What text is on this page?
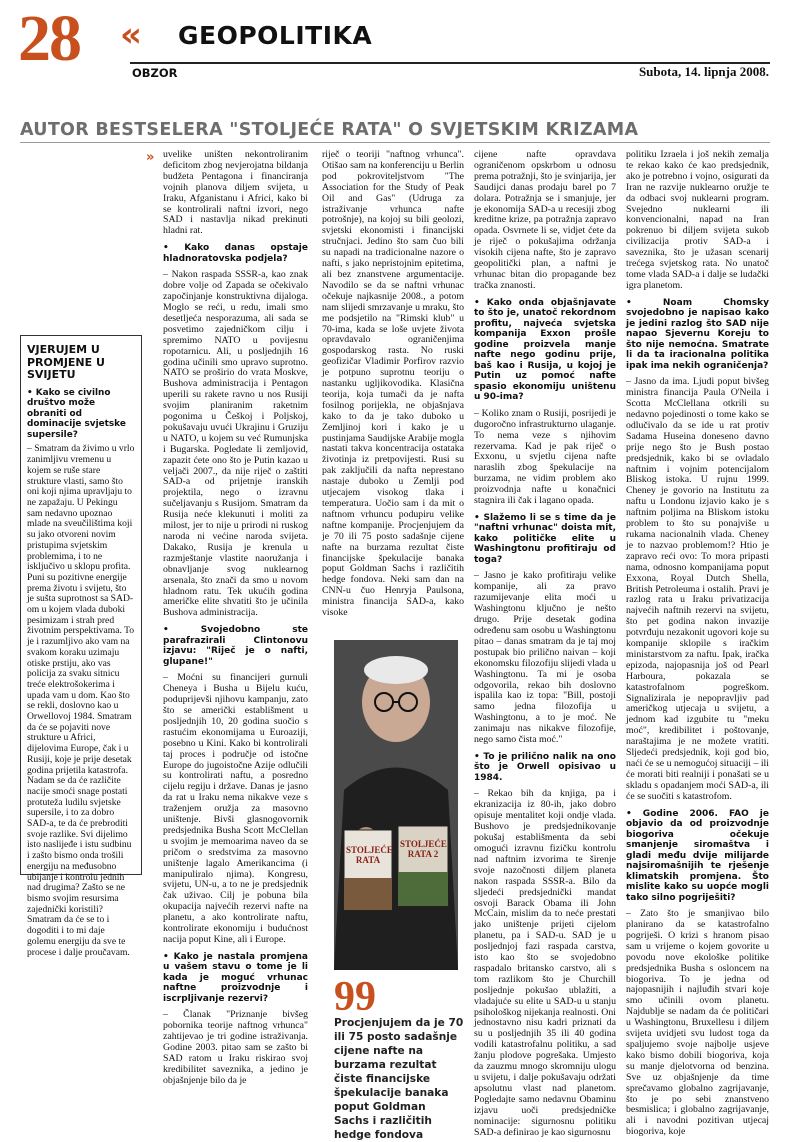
28 « GEOPOLITIKA
OBZOR	Subota, 14. lipnja 2008.
AUTOR BESTSELERA "STOLJEĆE RATA" O SVJETSKIM KRIZAMA
VJERUJEM U PROMJENE U SVIJETU

• Kako se civilno društvo može obraniti od dominacije svjetske supersile?

– Smatram da živimo u vrlo zanimljivu vremenu u kojem se ruše stare strukture vlasti, samo što oni koji njima upravljaju to ne zapažaju. U Pekingu sam nedavno upoznao mlade na sveučilištima koji su jako otvoreni novim pristupima svjetskim problemima, i to ne isključivo u sklopu profita. Puni su pozitivne energije prema životu i svijetu, što je sušta suprotnost sa SAD-om u kojem vlada duboki pesimizam i strah pred životnim perspektivama. To je i razumljivo ako vam na svakom koraku uzimaju otiske prstiju, ako vas policija za svaku sitnicu treće elektrošokerima i upada vam u dom. Kao što se rekli, doslovno kao u Orwellovoj 1984. Smatram da će se pojaviti nove strukture u Africi, dijelovima Europe, čak i u Rusiji, koje je prije desetak godina prijetila katastrofa. Nadam se da će različite nacije smoći snage postati protuteža ludilu svjetske supersile, i to za dobro SAD-a, te da će prebroditi svoje razlike. Svi dijelimo isto naslijeđe i istu sudbinu i zašto bismo onda trošili energiju na međusobno ubijanje i kontrolu jednih nad drugima? Zašto se ne bismo svojim resursima zajednički koristili? Smatram da će se to i dogoditi i to mi daje golemu energiju da sve te procese i dalje proučavam.

» uvelike uništen nekontroliranim deficitom zbog nevjerojatna bildanja budžeta Pentagona i financiranja vojnih planova diljem svijeta, u Iraku, Afganistanu i Africi, kako bi se kontrolirali naftni izvori, nego SAD i nastavlja nikad prekinuti hladni rat.

• Kako danas opstaje hladnoratovska podjela?

– Nakon raspada SSSR-a, kao znak dobre volje od Zapada se očekivalo započinjanje konstruktivna dijaloga. Moglo se reći, u redu, imali smo desetljeća nesporazuma, ali sada se posvetimo zajedničkom cilju i spremimo NATO u povijesnu ropotarnicu. Ali, u posljednjih 16 godina učinili smo upravo suprotno. NATO se proširio do vrata Moskve, Bushova administracija i Pentagon uperili su rakete ravno u nos Rusiji svojim planiranim raketnim pogonima u Češkoj i Poljskoj, pokušavaju uvući Ukrajinu i Gruziju u NATO, u kojem su već Rumunjska i Bugarska. Pogledate li zemljovid, zapazit ćete ono što je Putin kazao u veljači 2007., da nije riječ o zaštiti SAD-a od prijetnje iranskih projektila, nego o izravnu sučeljavanju s Rusijom. Smatram da Rusija neće klekunuti i moliti za milost, jer to nije u prirodi ni ruskog naroda ni većine naroda svijeta. Dakako, Rusija je krenula u razmještanje vlastite naoružanja i obnavljanje svog nuklearnog arsenala, što znači da smo u novom hladnom ratu. Tek ukućih godina američke elite shvatiti što je učinila Bushova administracija.

• Svojedobno ste parafrazirali Clintonovu izjavu: "Riječ je o nafti, glupane!"

– Moćni su financijeri gurnuli Cheneya i Busha u Bijelu kuću, poduprijevši njihovu kampanju, zato što se američki establišment u posljednjih 10, 20 godina suočio s rastućim ekonomijama u Euroaziji, posebno u Kini. Kako bi kontrolirali taj proces i područje od istočne Europe do jugoistočne Azije odlučili su kontrolirati naftu, a posredno cijelu regiju i države. Danas je jasno da rat u Iraku nema nikakve veze s traženjem oružja za masovno uništenje. Bivši glasnogovornik predsjednika Busha Scott McClellan u svojim je memoarima naveo da se pričom o sredstvima za masovno uništenje lagalo Amerikancima (i manipuliralo njima). Kongresu, svijetu, UN-u, a to ne je predsjednik čak uživao. Cilj je pobuna bila okupacija najvećih rezervi nafte na planetu, a ako kontrolirate naftu, kontrolirate ekonomiju i budućnost nacija poput Kine, ali i Europe.

• Kako je nastala promjena u vašem stavu o tome je li kada je moguć vrhunac naftne proizvodnje i iscrpljivanje rezervi?

– Članak "Priznanje bivšeg pobornika teorije naftnog vrhunca" zahtijevao je tri godine istraživanja. Godine 2003. pitao sam se zašto bi SAD ratom u Iraku riskirao svoj kredibilitet saveznika, a jedino je objašnjenje bilo da je

riječ o teoriji "naftnog vrhunca". Otišao sam na konferenciju u Berlin pod pokroviteljstvom "The Association for the Study of Peak Oil and Gas" (Udruga za istraživanje vrhunca nafte potrošnje), na kojoj su bili geolozi, svjetski ekonomisti i financijski stručnjaci. Jedino što sam čuo bili su napadi na tradicionalne nazore o nafti, s jako nepristojnim epitetima, ali bez znanstvene argumentacije. Navodilo se da se naftni vrhunac očekuje najkasnije 2008., a potom nam slijedi smrzavanje u mraku, što me podsjetilo na "Rimski klub" u 70-ima, kada se loše uvjete života opravdavalo ograničenjima gospodarskog rasta. No ruski geofizičar Vladimir Porfirov razvio je potpuno suprotnu teoriju o nastanku ugljikovodika. Klasična teorija, koja tumači da je nafta fosilnog porijekla, ne objašnjava kako to da je tako duboko u Zemljinoj kori i kako je u pustinjama Saudijske Arabije mogla nastati takva koncentracija ostataka životinja iz pretpovijesti. Rusi su pak zaključili da nafta neprestano nastaje duboko u Zemlji pod utjecajem visokog tlaka i temperatura. Uočio sam i da mit o naftnom vrhuncu podupiru velike naftne kompanije. Procjenjujem da je 70 ili 75 posto sadašnje cijene nafte na burzama rezultat čiste financijske špekulacije banaka poput Goldman Sachs i različitih hedge fondova. Neki sam dan na CNN-u čuo Henryja Paulsona, ministra financija SAD-a, kako visoke

STOLJEĆE RATA
STOLJEĆE RATA 2
99
Procjenjujem da je 70 ili 75 posto sadašnje cijene nafte na burzama rezultat čiste financijske špekulacije banaka poput Goldman Sachs i različitih hedge fondova

cijene nafte opravdava ograničenom opskrbom u odnosu prema potražnji, što je svinjarija, jer Saudijci danas prodaju barel po 7 dolara. Potražnja se i smanjuje, jer je ekonomija SAD-a u recesiji zbog kreditne krize, pa potražnja zapravo opada. Osvrnete li se, vidjet ćete da je riječ o pokušajima održanja visokih cijena nafte, što je zapravo geopolitički plan, a naftni je vrhunac bitan dio propagande bez tračka znanosti.

• Kako onda objašnjavate to što je, unatoč rekordnom profitu, najveća svjetska kompanija Exxon prošle godine proizvela manje nafte nego godinu prije, baš kao i Rusija, u kojoj je Putin uz pomoć nafte spasio ekonomiju uništenu u 90-ima?

– Koliko znam o Rusiji, posrijedi je dugoročno infrastrukturno ulaganje. To nema veze s njihovim rezervama. Kad je pak riječ o Exxonu, u svjetlu cijena nafte naraslih zbog špekulacije na burzama, ne vidim problem ako proizvodnja nafte u konačnici stagnira ili čak i lagano opada.

• Slažemo li se s time da je "naftni vrhunac" doista mit, kako političke elite u Washingtonu profitiraju od toga?

– Jasno je kako profitiraju velike kompanije, ali za pravo razumijevanje elita moći u Washingtonu ključno je nešto drugo. Prije desetak godina određenu sam osobu u Washingtonu pitao – danas smatram da je taj moj postupak bio prilično naivan – koji ekonomsku filozofiju slijedi vlada u Washingtonu. Ta mi je osoba odgovorila, rekao bih doslovno ispalila kao iz topa: "Bill, postoji samo jedna filozofija u Washingtonu, a to je moć. Ne zanimaju nas nikakve filozofije, nego samo čista moć."

• To je prilično nalik na ono što je Orwell opisivao u 1984.

– Rekao bih da knjiga, pa i ekranizacija iz 80-ih, jako dobro opisuje mentalitet koji ondje vlada. Bushovo je predsjednikovanje pokušaj establišmenta da sebi omogući izravnu fizičku kontrolu nad naftnim izvorima te širenje svoje nazočnosti diljem planeta nakon raspada SSSR-a. Bilo da sljedeći predsjednički mandat osvoji Barack Obama ili John McCain, mislim da to neće prestati jako uništenje prijeti cijelom planetu, pa i SAD-u. SAD je u posljednjoj fazi raspada carstva, isto kao što se svojedobno raspadalo britansko carstvo, ali s tom razlikom što je Churchill posljednje pokušao ublažiti, a vladajuće su elite u SAD-u u stanju psihološkog nijekanja realnosti. Oni jednostavno nisu kadri priznati da su u posljednjih 35 ili 40 godina vodili katastrofalnu politiku, a sad žanju plodove pogrešaka. Umjesto da zauzmu mnogo skromniju ulogu u svijetu, i dalje pokušavaju održati apsolutnu vlast nad planetom. Pogledajte samo nedavnu Obaminu izjavu uoči predsjedničke nominacije: sigurnosnu politiku SAD-a definirao je kao sigurnosnu

politiku Izraela i još nekih zemalja te rekao kako će kao predsjednik, ako je potrebno i vojno, osigurati da Iran ne razvije nuklearno oružje te da odbaci svoj nuklearni program. Svejedno nuklearni ili konvencionalni, napad na Iran pokrenuo bi diljem svijeta sukob civilizacija protiv SAD-a i saveznika, što je užasan scenarij trećega svjetskog rata. No unatoč tome vlada SAD-a i dalje se ludački igra planetom.

• Noam Chomsky svojedobno je napisao kako je jedini razlog što SAD nije napao Sjevernu Koreju to što nije nemoćna. Smatrate li da ta iracionalna politika ipak ima nekih ograničenja?

– Jasno da ima. Ljudi poput bivšeg ministra financija Paula O'Neila i Scotta McClellana otkrili su nedavno pojedinosti o tome kako se odlučivalo da se ide u rat protiv Sadama Huseina doneseno davno prije nego što je Bush postao predsjednik, kako bi se ovladalo naftnim i vojnim potencijalom Bliskog istoka. U rujnu 1999. Cheney je govorio na Institutu za naftu u Londonu izjavio kako je s naftnim poljima na Bliskom istoku problem to što su ponajviše u rukama nacionalnih vlada. Cheney je to nazvao problemom!? Htio je zapravo reći ovo: To mora pripasti nama, odnosno kompanijama poput Exxona, Royal Dutch Shella, British Petroleuma i ostalih. Pravi je razlog rata u Iraku privatizacija najvećih naftnih rezervi na svijetu, što pet godina nakon invazije potvrđuju nezakonit ugovori koje su kompanije sklopile s iračkim ministarstvom za naftu. Ipak, iračka epizoda, najopasnija još od Pearl Harboura, pokazala se katastrofalnom pogreškom. Signalizirala je nepopravljiv pad američkog utjecaja u svijetu, a jednom kad izgubite tu "meku moć", kredibilitet i poštovanje, naraštajima je ne možete vratiti. Sljedeći predsjednik, koji god bio, naći će se u nemogućoj situaciji – ili će morati biti realniji i ponašati se u skladu s opadanjem moći SAD-a, ili će se suočiti s katastrofom.

• Godine 2006. FAO je objavio da od proizvodnje biogoriva očekuje smanjenje siromaštva i gladi među dvije milijarde najsiromašnijih te rješenje klimatskih promjena. Što mislite kako su uopće mogli tako silno pogriješiti?

– Zato što je smanjivao bilo planirano da se katastrofalno pogriješi. O krizi s hranom pisao sam u vrijeme o kojem govorite u povodu nove ekološke politike predsjednika Busha s osloncem na biogoriva. To je jedna od najopasnijih i najluđih stvari koje smo učinili ovom planetu. Najdublje se nadam da će političari u Washingtonu, Bruxellesu i diljem svijeta uvidjeti svu ludost toga da spaljujemo svoje najbolje usjeve kako bismo dobili biogoriva, koja su manje djelotvorna od benzina. Sve uz objašnjenje da time sprečavamo globalno zagrijavanje, što je po sebi znanstveno besmislica; i globalno zagrijavanje, ali i navodni pozitivan utjecaj biogoriva, koje
